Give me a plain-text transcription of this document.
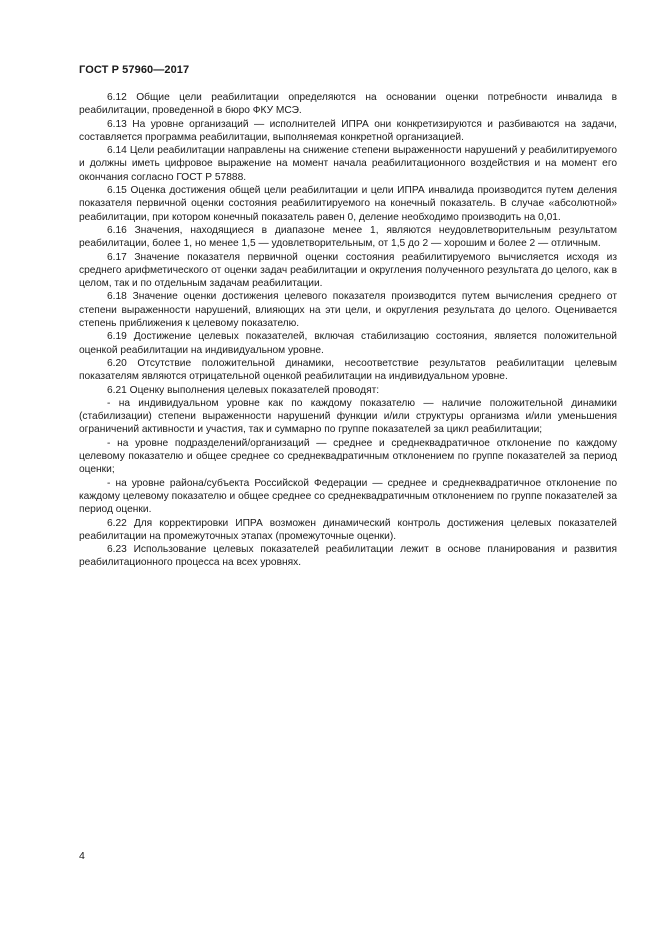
ГОСТ Р 57960—2017

6.12 Общие цели реабилитации определяются на основании оценки потребности инвалида в реабилитации, проведенной в бюро ФКУ МСЭ.

6.13 На уровне организаций — исполнителей ИПРА они конкретизируются и разбиваются на задачи, составляется программа реабилитации, выполняемая конкретной организацией.

6.14 Цели реабилитации направлены на снижение степени выраженности нарушений у реабилитируемого и должны иметь цифровое выражение на момент начала реабилитационного воздействия и на момент его окончания согласно ГОСТ Р 57888.

6.15 Оценка достижения общей цели реабилитации и цели ИПРА инвалида производится путем деления показателя первичной оценки состояния реабилитируемого на конечный показатель. В случае «абсолютной» реабилитации, при котором конечный показатель равен 0, деление необходимо производить на 0,01.

6.16 Значения, находящиеся в диапазоне менее 1, являются неудовлетворительным результатом реабилитации, более 1, но менее 1,5 — удовлетворительным, от 1,5 до 2 — хорошим и более 2 — отличным.

6.17 Значение показателя первичной оценки состояния реабилитируемого вычисляется исходя из среднего арифметического от оценки задач реабилитации и округления полученного результата до целого, как в целом, так и по отдельным задачам реабилитации.

6.18 Значение оценки достижения целевого показателя производится путем вычисления среднего от степени выраженности нарушений, влияющих на эти цели, и округления результата до целого. Оценивается степень приближения к целевому показателю.

6.19 Достижение целевых показателей, включая стабилизацию состояния, является положительной оценкой реабилитации на индивидуальном уровне.

6.20 Отсутствие положительной динамики, несоответствие результатов реабилитации целевым показателям являются отрицательной оценкой реабилитации на индивидуальном уровне.

6.21 Оценку выполнения целевых показателей проводят:

- на индивидуальном уровне как по каждому показателю — наличие положительной динамики (стабилизации) степени выраженности нарушений функции и/или структуры организма и/или уменьшения ограничений активности и участия, так и суммарно по группе показателей за цикл реабилитации;

- на уровне подразделений/организаций — среднее и среднеквадратичное отклонение по каждому целевому показателю и общее среднее со среднеквадратичным отклонением по группе показателей за период оценки;

- на уровне района/субъекта Российской Федерации — среднее и среднеквадратичное отклонение по каждому целевому показателю и общее среднее со среднеквадратичным отклонением по группе показателей за период оценки.

6.22 Для корректировки ИПРА возможен динамический контроль достижения целевых показателей реабилитации на промежуточных этапах (промежуточные оценки).

6.23 Использование целевых показателей реабилитации лежит в основе планирования и развития реабилитационного процесса на всех уровнях.

4
